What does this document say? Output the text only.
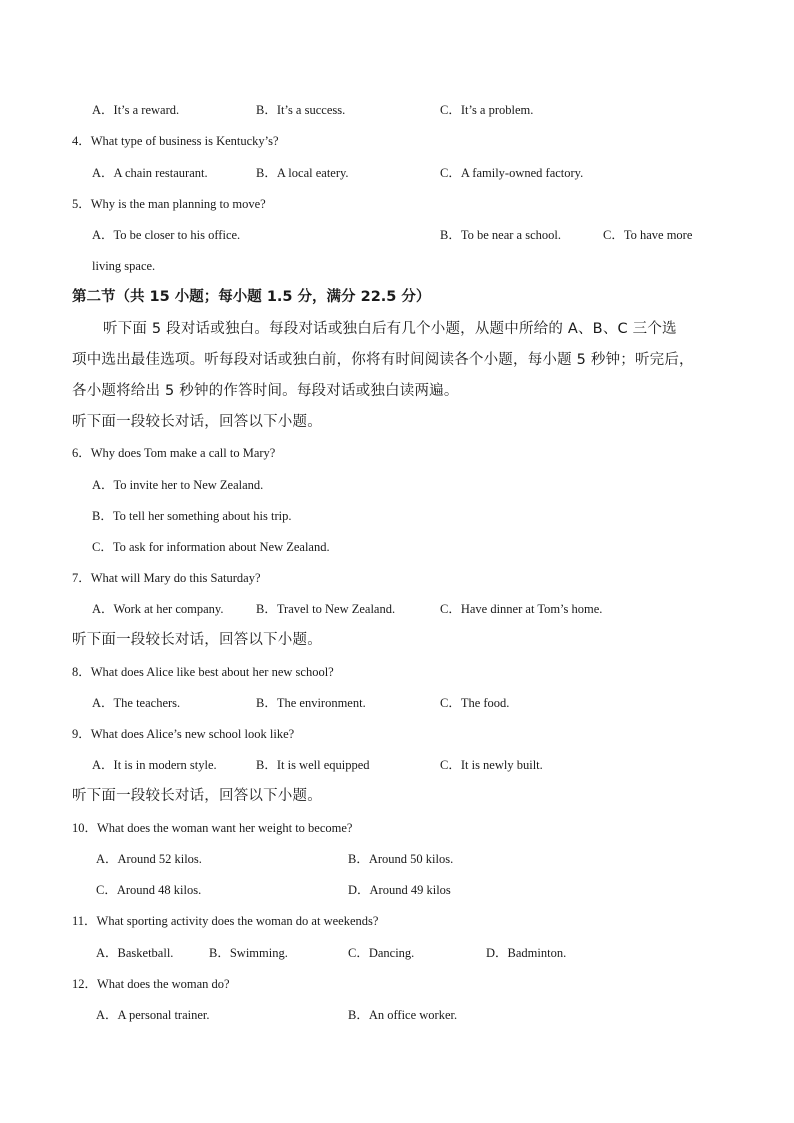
A．It’s a reward.	B．It’s a success.	C．It’s a problem.
4．What type of business is Kentucky’s?
A．A chain restaurant.	B．A local eatery.	C．A family-owned factory.
5．Why is the man planning to move?
A．To be closer to his office.	B．To be near a school.	C．To have more
living space.
第二节（共 15 小题；每小题 1.5 分，满分 22.5 分）
听下面 5 段对话或独白。每段对话或独白后有几个小题，从题中所给的 A、B、C 三个选
项中选出最佳选项。听每段对话或独白前，你将有时间阅读各个小题，每小题 5 秒钟；听完后，
各小题将给出 5 秒钟的作答时间。每段对话或独白读两遍。
听下面一段较长对话，回答以下小题。
6．Why does Tom make a call to Mary?
A．To invite her to New Zealand.
B．To tell her something about his trip.
C．To ask for information about New Zealand.
7．What will Mary do this Saturday?
A．Work at her company.	B．Travel to New Zealand.	C．Have dinner at Tom’s home.
听下面一段较长对话，回答以下小题。
8．What does Alice like best about her new school?
A．The teachers.	B．The environment.	C．The food.
9．What does Alice’s new school look like?
A．It is in modern style.	B．It is well equipped	C．It is newly built.
听下面一段较长对话，回答以下小题。
10．What does the woman want her weight to become?
A．Around 52 kilos.	B．Around 50 kilos.
C．Around 48 kilos.	D．Around 49 kilos
11．What sporting activity does the woman do at weekends?
A．Basketball.	B．Swimming.	C．Dancing.	D．Badminton.
12．What does the woman do?
A．A personal trainer.	B．An office worker.
